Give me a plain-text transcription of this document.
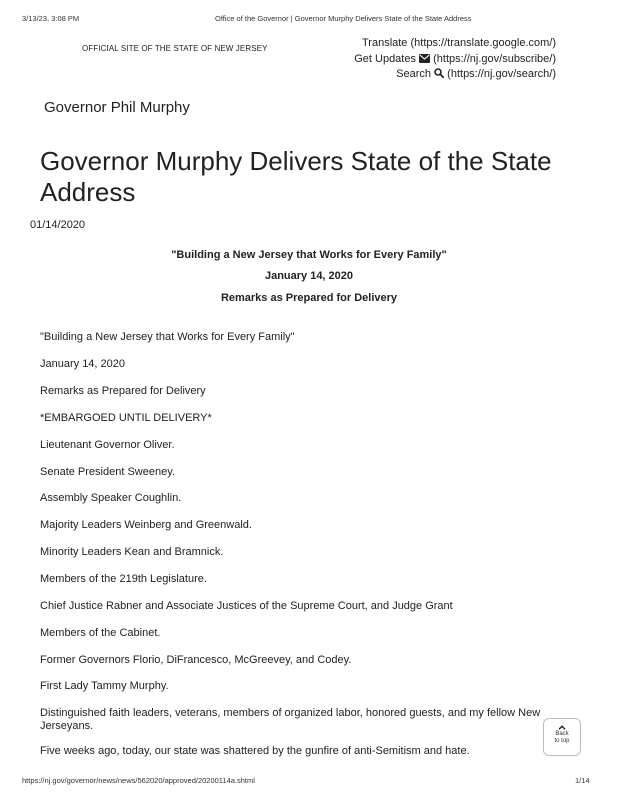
3/13/23, 3:08 PM	Office of the Governor | Governor Murphy Delivers State of the State Address
OFFICIAL SITE OF THE STATE OF NEW JERSEY	Translate (https://translate.google.com/)
Get Updates (https://nj.gov/subscribe/)
Search (https://nj.gov/search/)
Governor Phil Murphy
Governor Murphy Delivers State of the State Address
01/14/2020
"Building a New Jersey that Works for Every Family"
January 14, 2020
Remarks as Prepared for Delivery
"Building a New Jersey that Works for Every Family"
January 14, 2020
Remarks as Prepared for Delivery
*EMBARGOED UNTIL DELIVERY*
Lieutenant Governor Oliver.
Senate President Sweeney.
Assembly Speaker Coughlin.
Majority Leaders Weinberg and Greenwald.
Minority Leaders Kean and Bramnick.
Members of the 219th Legislature.
Chief Justice Rabner and Associate Justices of the Supreme Court, and Judge Grant
Members of the Cabinet.
Former Governors Florio, DiFrancesco, McGreevey, and Codey.
First Lady Tammy Murphy.
Distinguished faith leaders, veterans, members of organized labor, honored guests, and my fellow New Jerseyans.
Five weeks ago, today, our state was shattered by the gunfire of anti-Semitism and hate.
Back
to top
https://nj.gov/governor/news/news/562020/approved/20200114a.shtml	1/14
